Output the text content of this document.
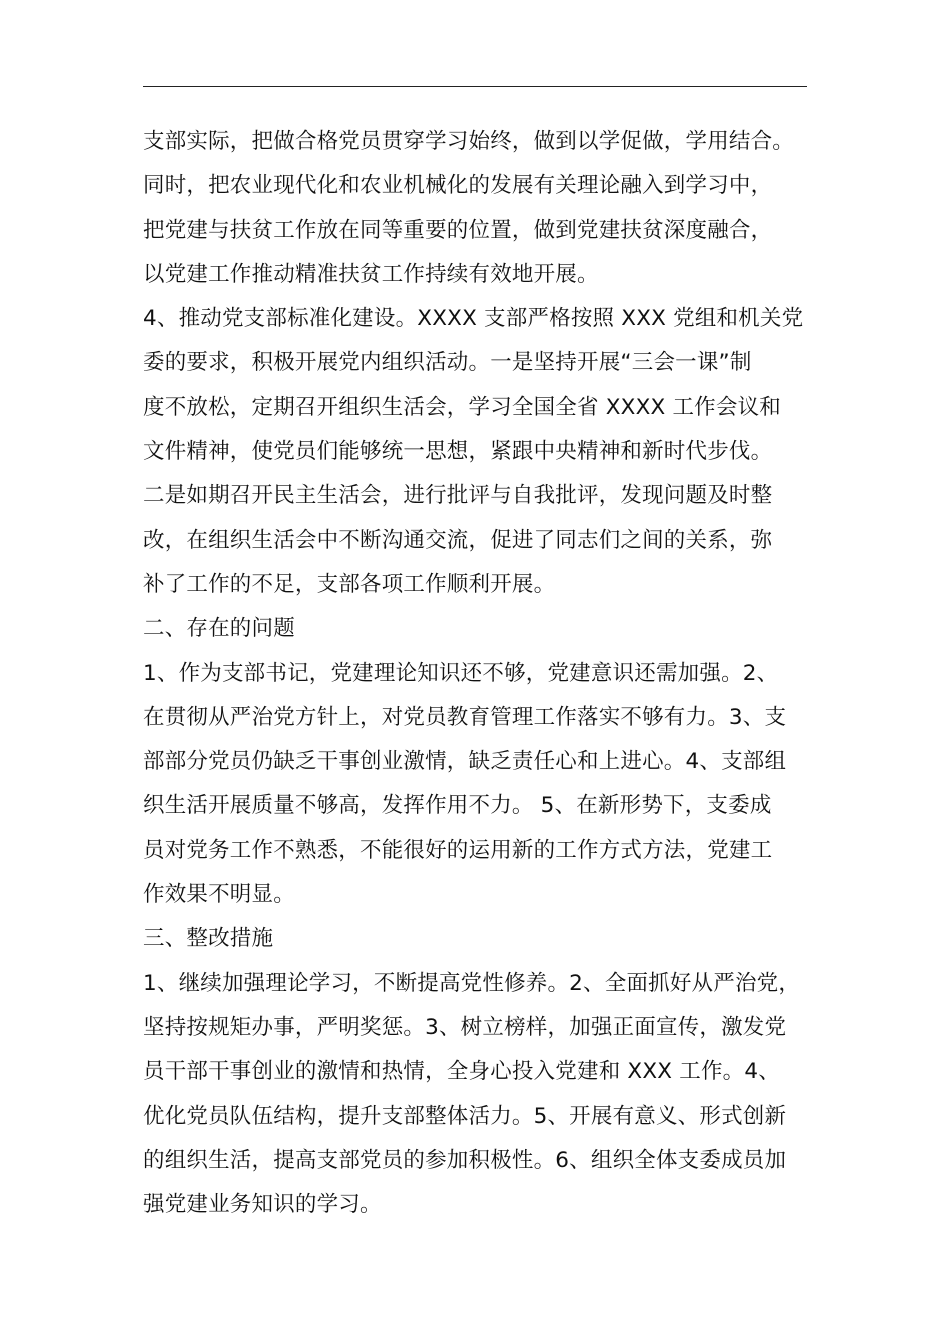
支部实际，把做合格党员贯穿学习始终，做到以学促做，学用结合。
同时，把农业现代化和农业机械化的发展有关理论融入到学习中，
把党建与扶贫工作放在同等重要的位置，做到党建扶贫深度融合，
以党建工作推动精准扶贫工作持续有效地开展。
4、推动党支部标准化建设。XXXX 支部严格按照 XXX 党组和机关党
委的要求，积极开展党内组织活动。一是坚持开展“三会一课”制
度不放松，定期召开组织生活会，学习全国全省 XXXX 工作会议和
文件精神，使党员们能够统一思想，紧跟中央精神和新时代步伐。
二是如期召开民主生活会，进行批评与自我批评，发现问题及时整
改，在组织生活会中不断沟通交流，促进了同志们之间的关系，弥
补了工作的不足，支部各项工作顺利开展。
二、存在的问题
1、作为支部书记，党建理论知识还不够，党建意识还需加强。2、
在贯彻从严治党方针上，对党员教育管理工作落实不够有力。3、支
部部分党员仍缺乏干事创业激情，缺乏责任心和上进心。4、支部组
织生活开展质量不够高，发挥作用不力。 5、在新形势下，支委成
员对党务工作不熟悉，不能很好的运用新的工作方式方法，党建工
作效果不明显。
三、整改措施
1、继续加强理论学习，不断提高党性修养。2、全面抓好从严治党，
坚持按规矩办事，严明奖惩。3、树立榜样，加强正面宣传，激发党
员干部干事创业的激情和热情，全身心投入党建和 XXX 工作。4、
优化党员队伍结构，提升支部整体活力。5、开展有意义、形式创新
的组织生活，提高支部党员的参加积极性。6、组织全体支委成员加
强党建业务知识的学习。
